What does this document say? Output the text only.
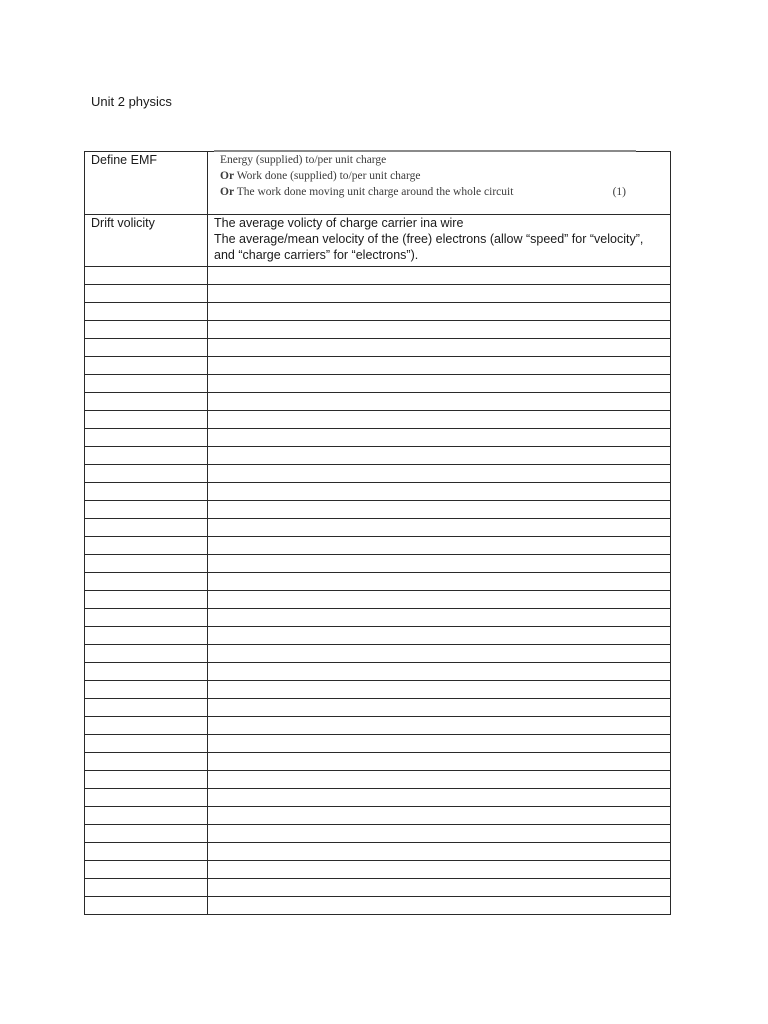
Unit 2 physics
Define EMF	Energy (supplied) to/per unit charge
Or Work done (supplied) to/per unit charge
Or The work done moving unit charge around the whole circuit (1)

Drift volicity	The average volicty of charge carrier ina wire
The average/mean velocity of the (free) electrons (allow “speed” for “velocity”, and “charge carriers” for “electrons”).
